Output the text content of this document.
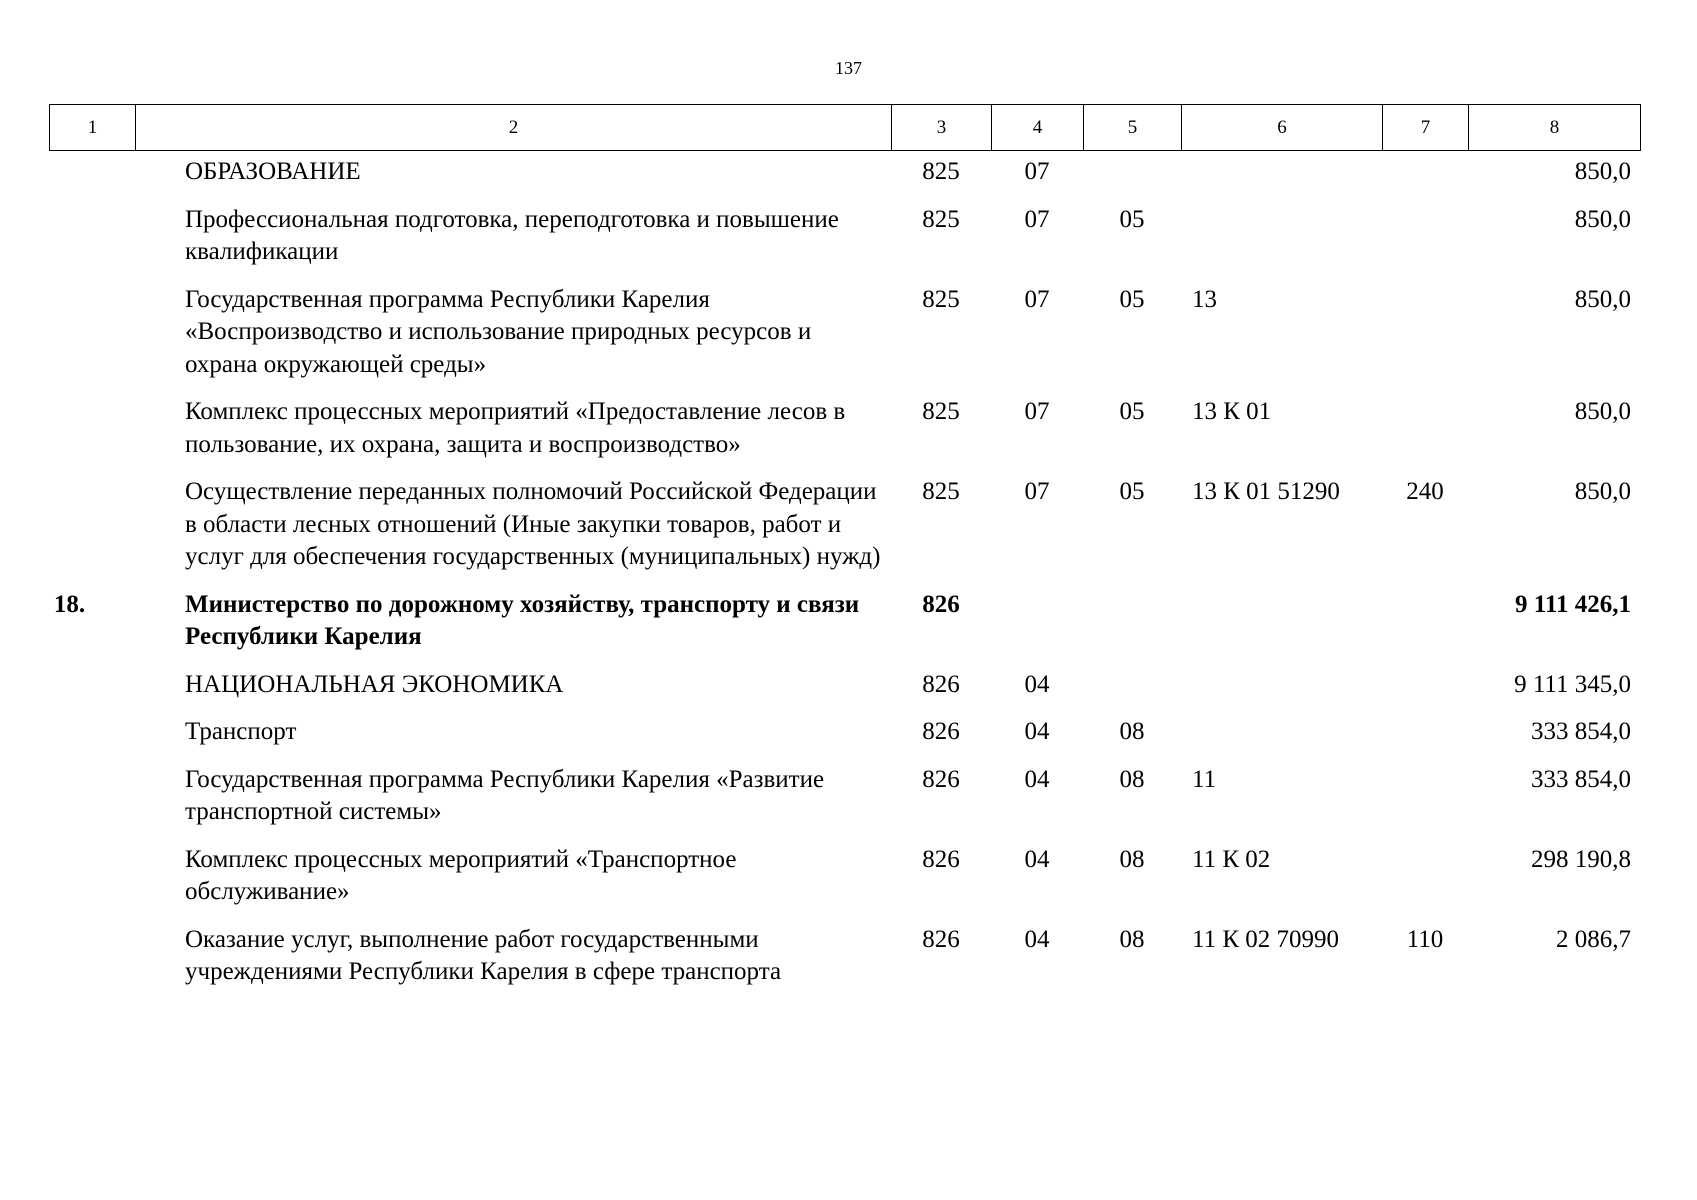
137
1	2	3	4	5	6	7	8
	ОБРАЗОВАНИЕ	825	07				850,0
	Профессиональная подготовка, переподготовка и повышение квалификации	825	07	05			850,0
	Государственная программа Республики Карелия «Воспроизводство и использование природных ресурсов и охрана окружающей среды»	825	07	05	13		850,0
	Комплекс процессных мероприятий «Предоставление лесов в пользование, их охрана, защита и воспроизводство»	825	07	05	13 К 01		850,0
	Осуществление переданных полномочий Российской Федерации в области лесных отношений (Иные закупки товаров, работ и услуг для обеспечения государственных (муниципальных) нужд)	825	07	05	13 К 01 51290	240	850,0
18.	Министерство по дорожному хозяйству, транспорту и связи Республики Карелия	826					9 111 426,1
	НАЦИОНАЛЬНАЯ ЭКОНОМИКА	826	04				9 111 345,0
	Транспорт	826	04	08			333 854,0
	Государственная программа Республики Карелия «Развитие транспортной системы»	826	04	08	11		333 854,0
	Комплекс процессных мероприятий «Транспортное обслуживание»	826	04	08	11 К 02		298 190,8
	Оказание услуг, выполнение работ государственными учреждениями Республики Карелия в сфере транспорта	826	04	08	11 К 02 70990	110	2 086,7
